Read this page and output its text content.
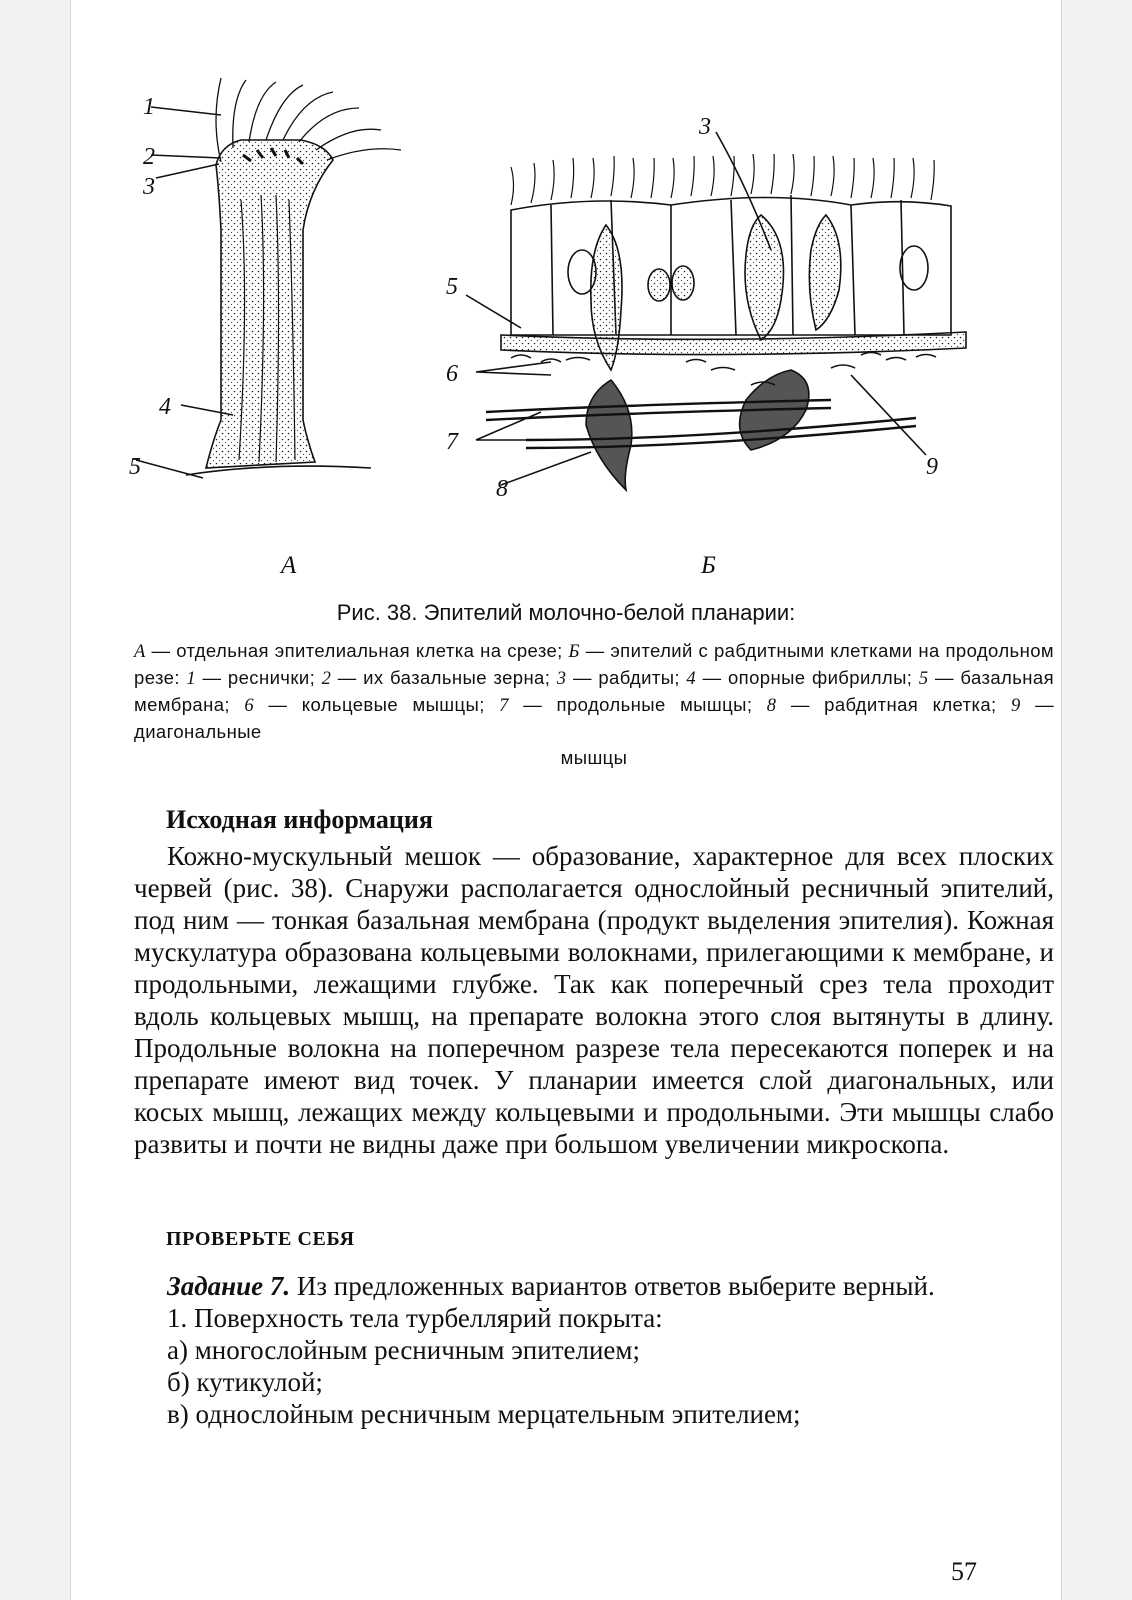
1
2
3
4
5
3
5
6
7
8
9
А	Б
Рис. 38. Эпителий молочно-белой планарии:
А — отдельная эпителиальная клетка на срезе; Б — эпителий с рабдитными клетками на продольном резе: 1 — реснички; 2 — их базальные зерна; 3 — рабдиты; 4 — опорные фибриллы; 5 — базальная мембрана; 6 — кольцевые мышцы; 7 — продольные мышцы; 8 — рабдитная клетка; 9 — диагональные
мышцы
Исходная информация

Кожно-мускульный мешок — образование, характерное для всех плоских червей (рис. 38). Снаружи располагается однослойный ресничный эпителий, под ним — тонкая базальная мембрана (продукт выделения эпителия). Кожная мускулатура образована кольцевыми волокнами, прилегающими к мембране, и продольными, лежащими глубже. Так как поперечный срез тела проходит вдоль кольцевых мышц, на препарате волокна этого слоя вытянуты в длину. Продольные волокна на поперечном разрезе тела пересекаются поперек и на препарате имеют вид точек. У планарии имеется слой диагональных, или косых мышц, лежащих между кольцевыми и продольными. Эти мышцы слабо развиты и почти не видны даже при большом увеличении микроскопа.

ПРОВЕРЬТЕ СЕБЯ

Задание 7. Из предложенных вариантов ответов выберите верный.

1. Поверхность тела турбеллярий покрыта:

а) многослойным ресничным эпителием;

б) кутикулой;

в) однослойным ресничным мерцательным эпителием;

57
